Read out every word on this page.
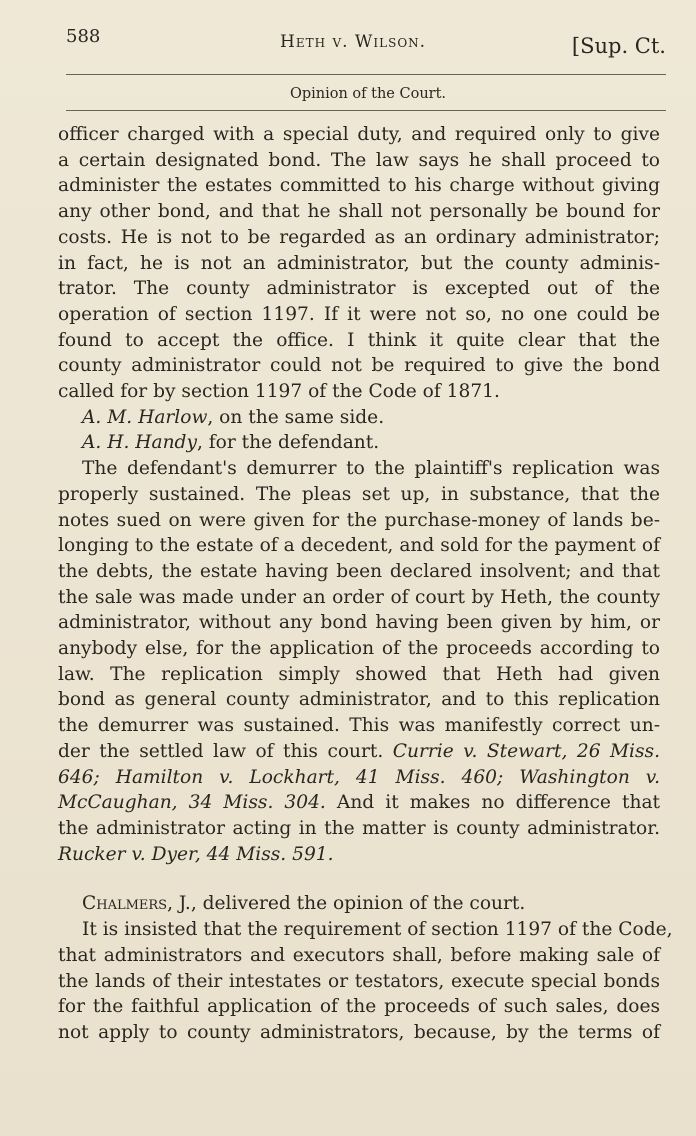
588	Heth v. Wilson.	[Sup. Ct.
Opinion of the Court.
officer charged with a special duty, and required only to give
a certain designated bond. The law says he shall proceed to
administer the estates committed to his charge without giving
any other bond, and that he shall not personally be bound for
costs. He is not to be regarded as an ordinary administrator;
in fact, he is not an administrator, but the county adminis-
trator. The county administrator is excepted out of the
operation of section 1197. If it were not so, no one could be
found to accept the office. I think it quite clear that the
county administrator could not be required to give the bond
called for by section 1197 of the Code of 1871.
A. M. Harlow, on the same side.
A. H. Handy, for the defendant.
The defendant's demurrer to the plaintiff's replication was
properly sustained. The pleas set up, in substance, that the
notes sued on were given for the purchase-money of lands be-
longing to the estate of a decedent, and sold for the payment of
the debts, the estate having been declared insolvent; and that
the sale was made under an order of court by Heth, the county
administrator, without any bond having been given by him, or
anybody else, for the application of the proceeds according to
law. The replication simply showed that Heth had given
bond as general county administrator, and to this replication
the demurrer was sustained. This was manifestly correct un-
der the settled law of this court. Currie v. Stewart, 26 Miss.
646; Hamilton v. Lockhart, 41 Miss. 460; Washington v.
McCaughan, 34 Miss. 304. And it makes no difference that
the administrator acting in the matter is county administrator.
Rucker v. Dyer, 44 Miss. 591.
Chalmers, J., delivered the opinion of the court.
It is insisted that the requirement of section 1197 of the Code,
that administrators and executors shall, before making sale of
the lands of their intestates or testators, execute special bonds
for the faithful application of the proceeds of such sales, does
not apply to county administrators, because, by the terms of
